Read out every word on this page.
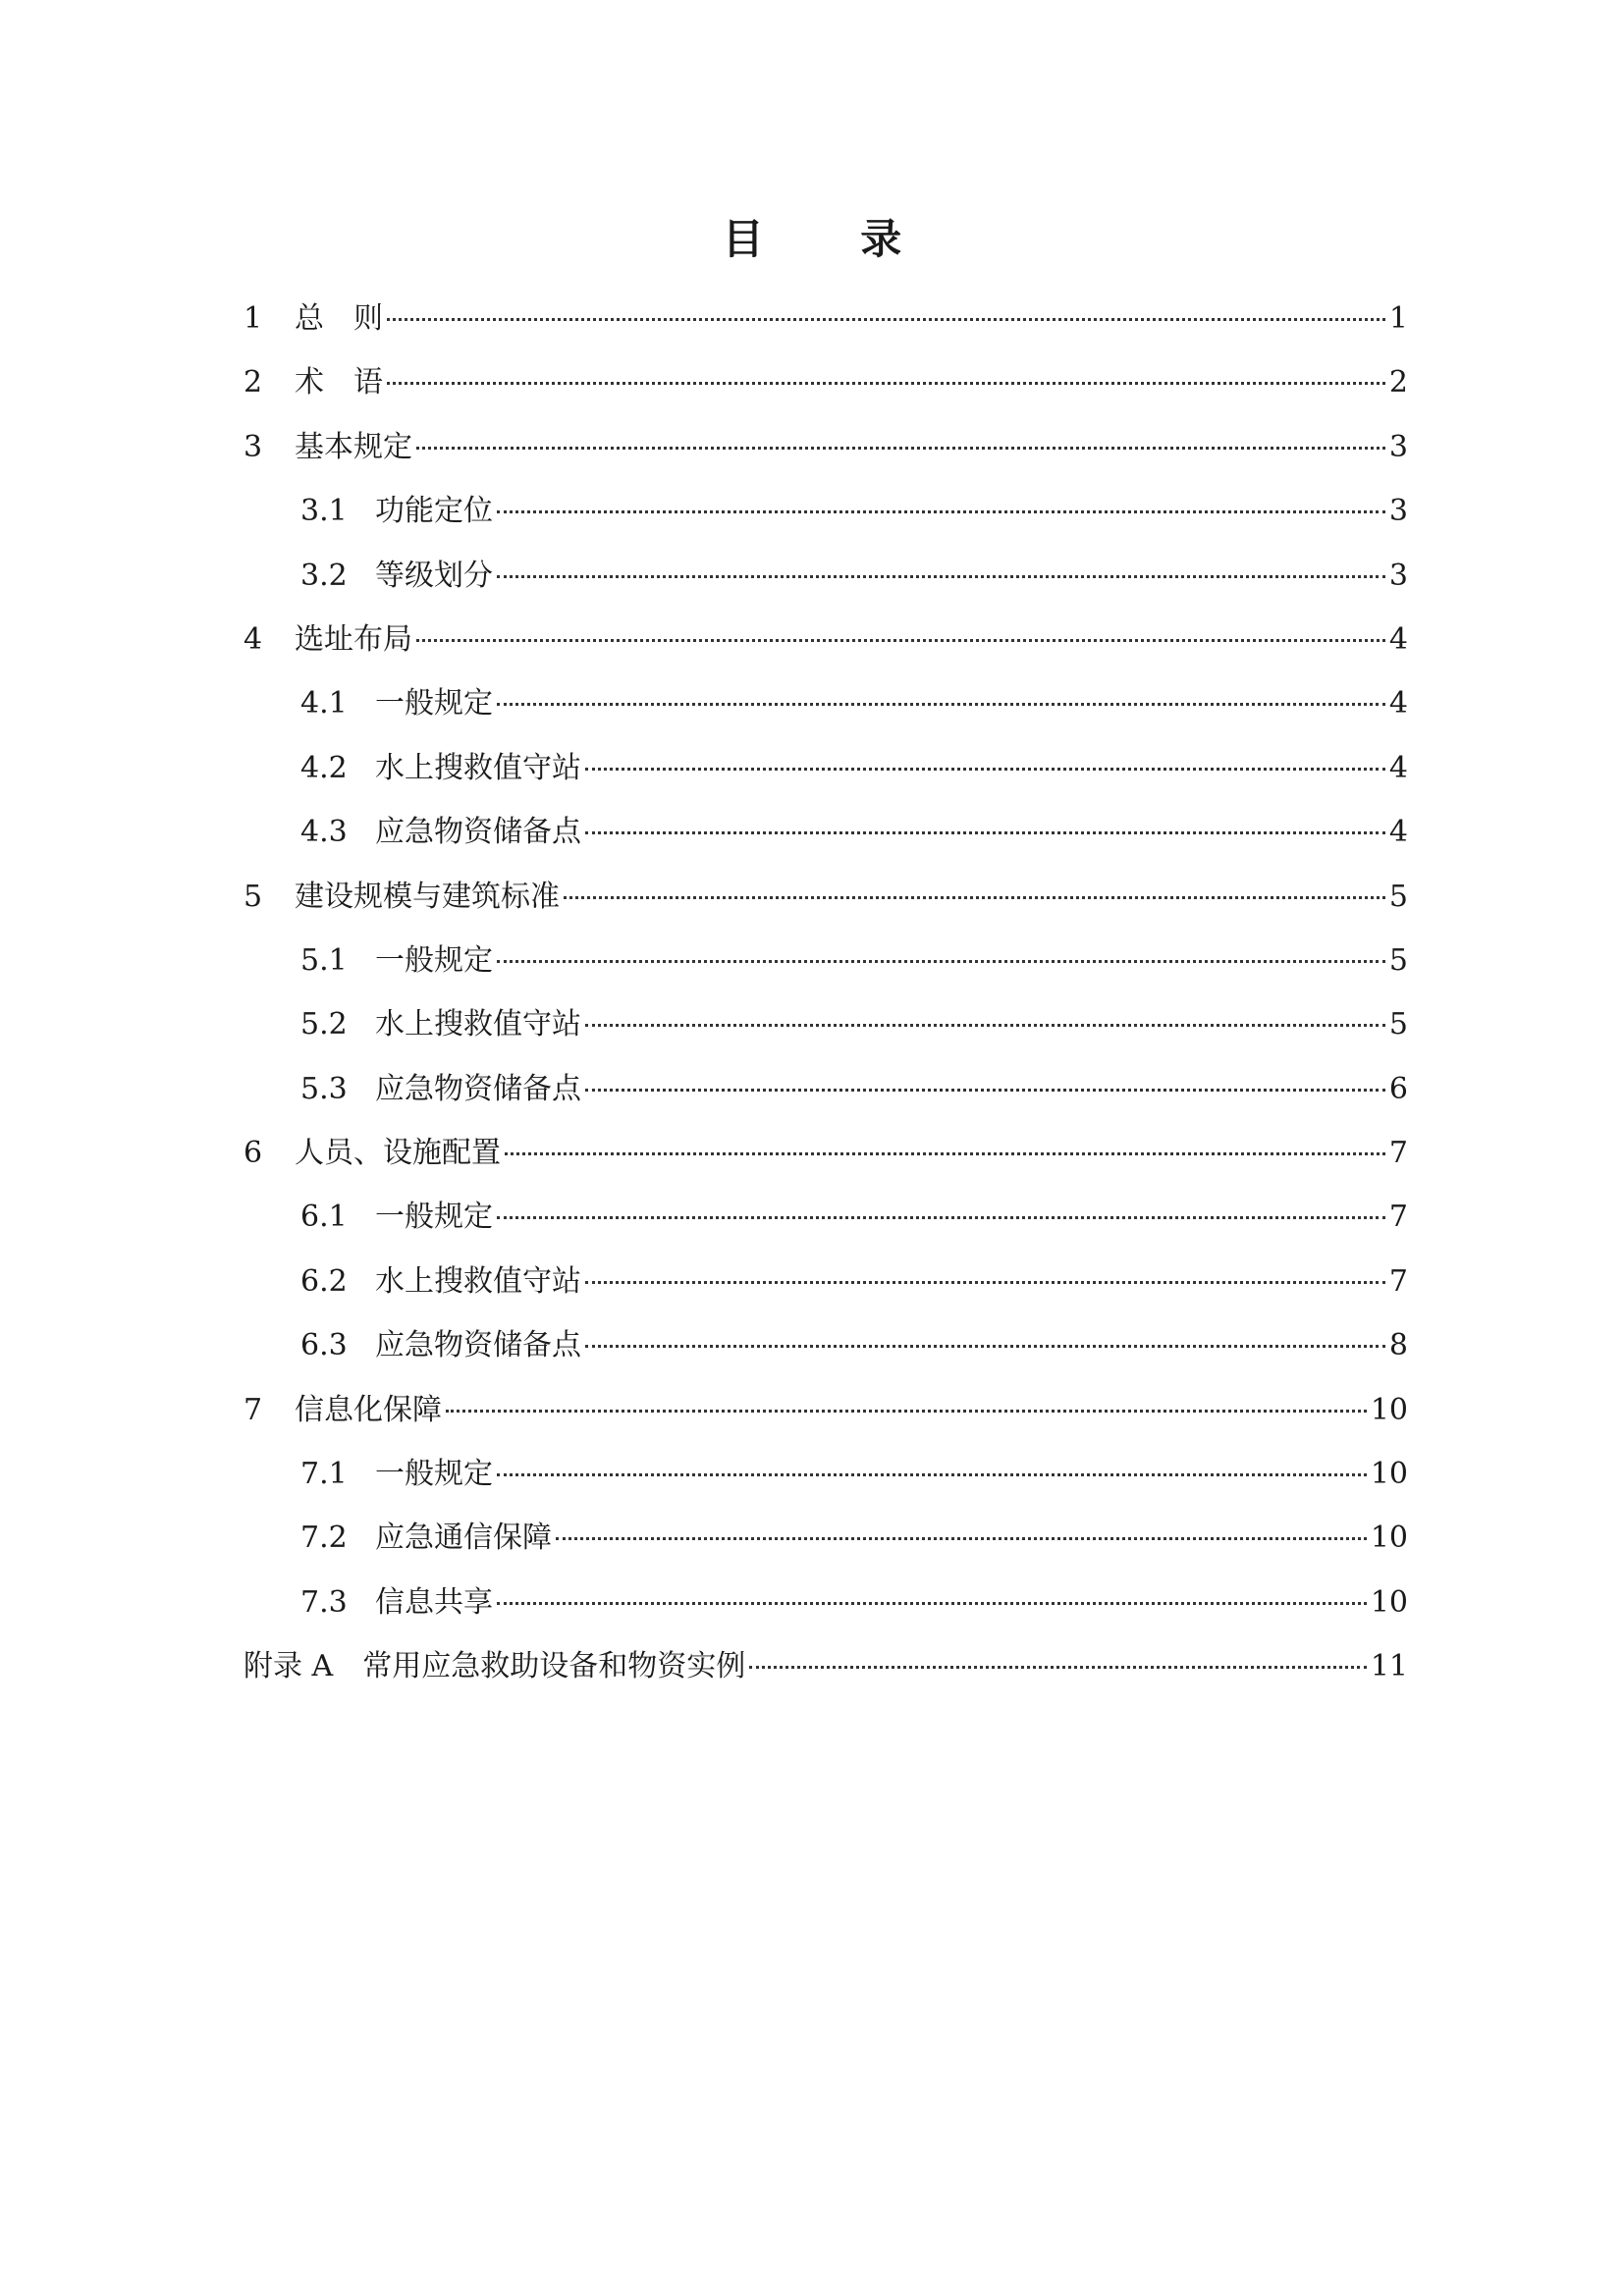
目 录
1	总　则	1
2	术　语	2
3	基本规定	3
3.1 功能定位	3
3.2 等级划分	3
4	选址布局	4
4.1 一般规定	4
4.2 水上搜救值守站	4
4.3 应急物资储备点	4
5	建设规模与建筑标准	5
5.1 一般规定	5
5.2 水上搜救值守站	5
5.3 应急物资储备点	6
6	人员、设施配置	7
6.1 一般规定	7
6.2 水上搜救值守站	7
6.3 应急物资储备点	8
7	信息化保障	10
7.1 一般规定	10
7.2 应急通信保障	10
7.3 信息共享	10
附录 A 常用应急救助设备和物资实例	11
